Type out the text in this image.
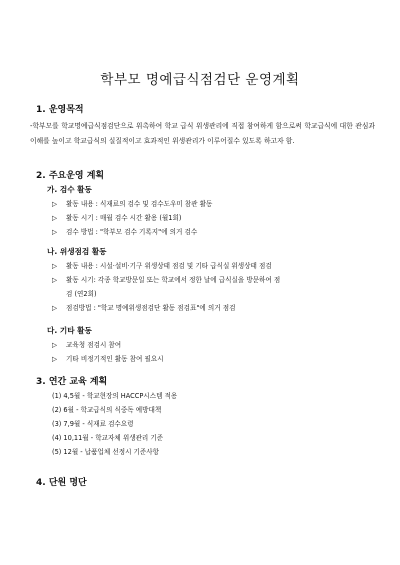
학부모 명예급식점검단 운영계획
1. 운영목적
-학부모를 학교명예급식점검단으로 위촉하여 학교 급식 위생관리에 직접 참여하게 함으로써 학교급식에 대한 관심과 이해를 높이고 학교급식의 실질적이고 효과적인 위생관리가 이루어질수 있도록 하고자 함.
2. 주요운영 계획
가. 검수 활동
▷ 활동 내용 : 식재료의 검수 및 검수도우미 참관 활동
▷ 활동 시기 : 매월 검수 시간 활용 (월1회)
▷ 검수 방법 : "학부모 검수 기록지"에 의거 검수
나. 위생점검 활동
▷ 활동 내용 : 시설·설비·기구 위생상태 점검 및 기타 급식실 위생상태 점검
▷ 활동 시기: 각종 학교방문일 또는 학교에서 정한 날에 급식실을 방문하여 점
검 (연2회)
▷ 점검방법 : "학교 명예위생점검단 활동 점검표"에 의거 점검
다. 기타 활동
▷ 교육청 점검시 참여
▷ 기타 비정기적인 활동 참여 필요시
3. 연간 교육 계획
(1) 4,5월 - 학교현장의 HACCP시스템 적용
(2) 6월 - 학교급식의 식중독 예방대책
(3) 7,9월 - 식재료 검수요령
(4) 10,11월 - 학교자체 위생관리 기준
(5) 12월 - 납품업체 선정시 기준사항
4. 단원 명단
